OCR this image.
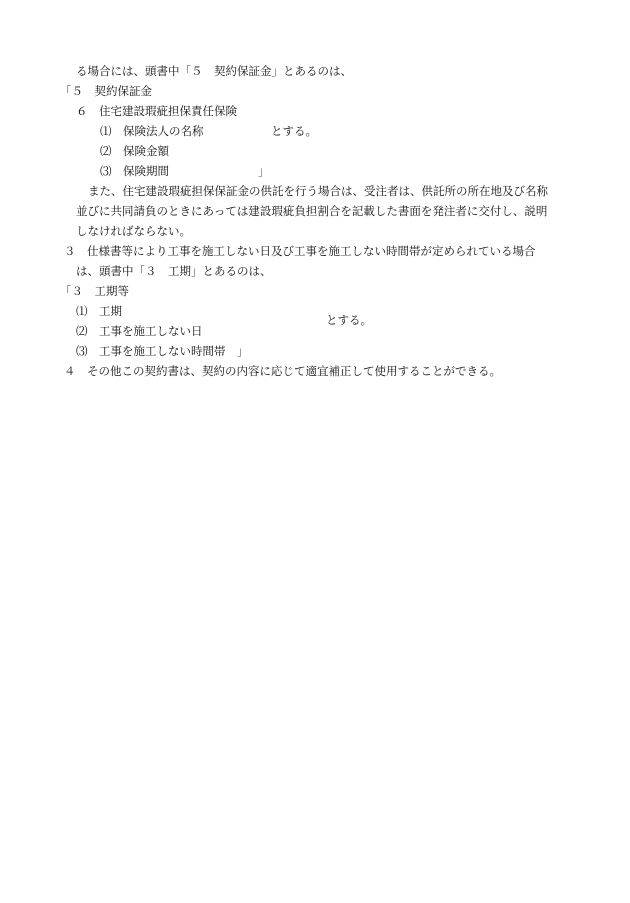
る場合には、頭書中「５　契約保証金」とあるのは、
「５　契約保証金
６　住宅建設瑕疵担保責任保険
⑴　保険法人の名称	とする。
⑵　保険金額
⑶　保険期間	」
また、住宅建設瑕疵担保保証金の供託を行う場合は、受注者は、供託所の所在地及び名称
並びに共同請負のときにあっては建設瑕疵負担割合を記載した書面を発注者に交付し、説明
しなければならない。
３　仕様書等により工事を施工しない日及び工事を施工しない時間帯が定められている場合
は、頭書中「３　工期」とあるのは、
「３　工期等
⑴　工期
⑵　工事を施工しない日
とする。
⑶　工事を施工しない時間帯　」
４　その他この契約書は、契約の内容に応じて適宜補正して使用することができる。
